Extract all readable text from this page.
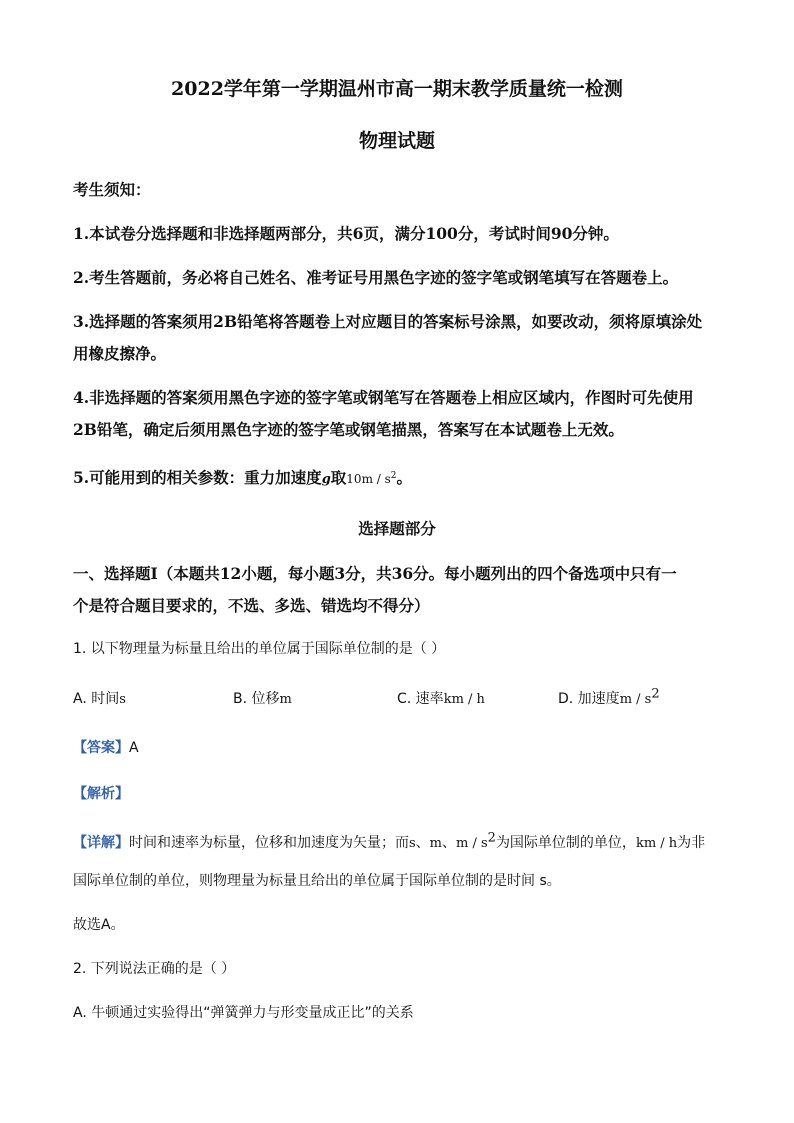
2022学年第一学期温州市高一期末教学质量统一检测
物理试题
考生须知：
1.本试卷分选择题和非选择题两部分，共6页，满分100分，考试时间90分钟。
2.考生答题前，务必将自己姓名、准考证号用黑色字迹的签字笔或钢笔填写在答题卷上。
3.选择题的答案须用2B铅笔将答题卷上对应题目的答案标号涂黑，如要改动，须将原填涂处
用橡皮擦净。
4.非选择题的答案须用黑色字迹的签字笔或钢笔写在答题卷上相应区域内，作图时可先使用
2B铅笔，确定后须用黑色字迹的签字笔或钢笔描黑，答案写在本试题卷上无效。
5.可能用到的相关参数：重力加速度g取$10m / s^2$。
选择题部分
一、选择题Ⅰ（本题共12小题，每小题3分，共36分。每小题列出的四个备选项中只有一
个是符合题目要求的，不选、多选、错选均不得分）
1. 以下物理量为标量且给出的单位属于国际单位制的是（ ）
A. 时间s	B. 位移m	C. 速率km / h	D. 加速度m / $s^2$
【答案】A
【解析】
【详解】时间和速率为标量，位移和加速度为矢量；而s、m、m / $s^2$为国际单位制的单位，km / h为非
国际单位制的单位，则物理量为标量且给出的单位属于国际单位制的是时间 s。
故选A。
2. 下列说法正确的是（ ）
A. 牛顿通过实验得出“弹簧弹力与形变量成正比”的关系
